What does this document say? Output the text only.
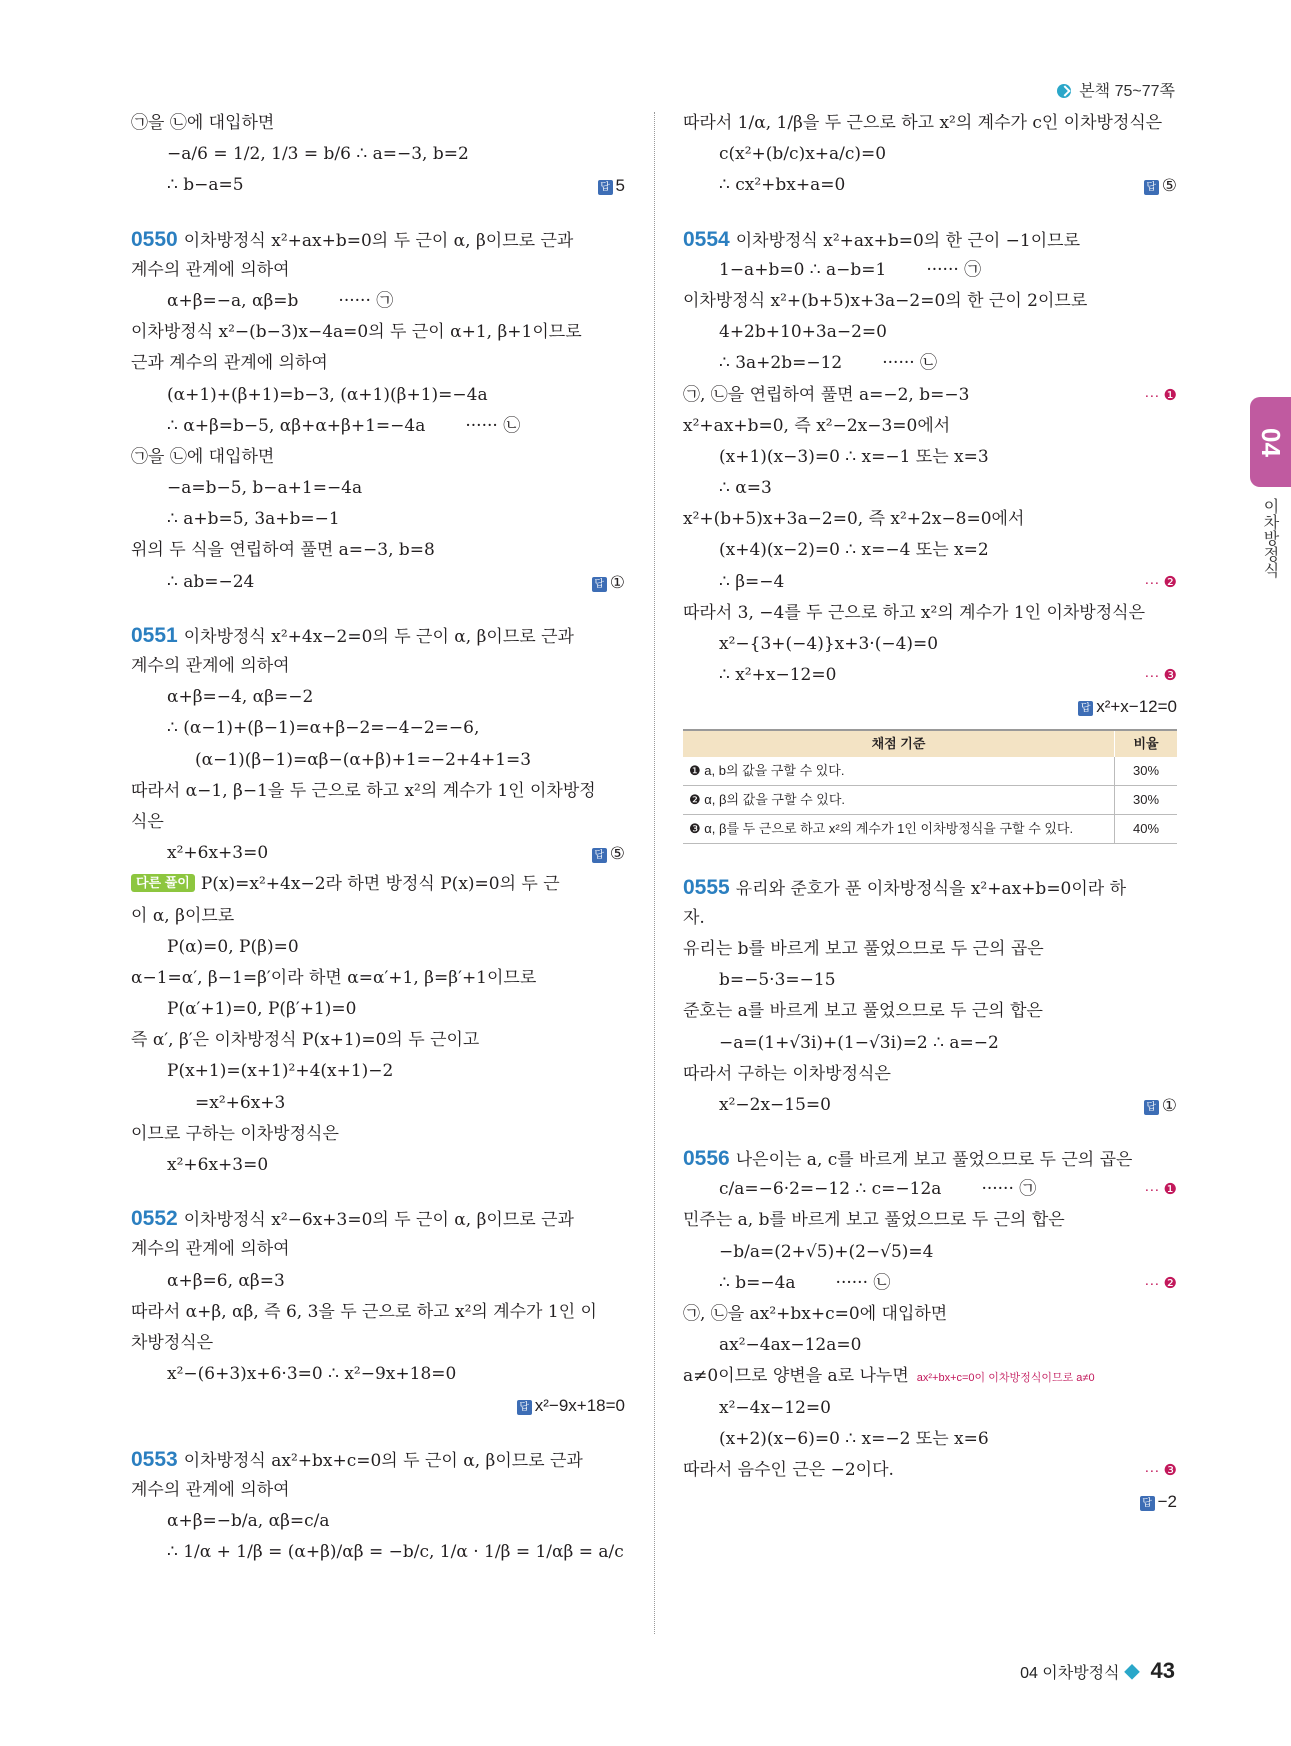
본책 75~77쪽
㉠을 ㉡에 대입하면
−a/6 = 1/2, 1/3 = b/6 ∴ a=−3, b=2
∴ b−a=5	답 5
0550 이차방정식 x²+ax+b=0의 두 근이 α, β이므로 근과
계수의 관계에 의하여
α+β=−a, αβ=b ······ ㉠
이차방정식 x²−(b−3)x−4a=0의 두 근이 α+1, β+1이므로
근과 계수의 관계에 의하여
(α+1)+(β+1)=b−3, (α+1)(β+1)=−4a
∴ α+β=b−5, αβ+α+β+1=−4a ······ ㉡
㉠을 ㉡에 대입하면
−a=b−5, b−a+1=−4a
∴ a+b=5, 3a+b=−1
위의 두 식을 연립하여 풀면 a=−3, b=8
∴ ab=−24	답 ①
0551 이차방정식 x²+4x−2=0의 두 근이 α, β이므로 근과
계수의 관계에 의하여
α+β=−4, αβ=−2
∴ (α−1)+(β−1)=α+β−2=−4−2=−6,
(α−1)(β−1)=αβ−(α+β)+1=−2+4+1=3
따라서 α−1, β−1을 두 근으로 하고 x²의 계수가 1인 이차방정
식은
x²+6x+3=0	답 ⑤
다른 풀이 P(x)=x²+4x−2라 하면 방정식 P(x)=0의 두 근
이 α, β이므로
P(α)=0, P(β)=0
α−1=α′, β−1=β′이라 하면 α=α′+1, β=β′+1이므로
P(α′+1)=0, P(β′+1)=0
즉 α′, β′은 이차방정식 P(x+1)=0의 두 근이고
P(x+1)=(x+1)²+4(x+1)−2
=x²+6x+3
이므로 구하는 이차방정식은
x²+6x+3=0
0552 이차방정식 x²−6x+3=0의 두 근이 α, β이므로 근과
계수의 관계에 의하여
α+β=6, αβ=3
따라서 α+β, αβ, 즉 6, 3을 두 근으로 하고 x²의 계수가 1인 이
차방정식은
x²−(6+3)x+6·3=0 ∴ x²−9x+18=0
답 x²−9x+18=0
0553 이차방정식 ax²+bx+c=0의 두 근이 α, β이므로 근과
계수의 관계에 의하여
α+β=−b/a, αβ=c/a
∴ 1/α + 1/β = (α+β)/αβ = −b/c, 1/α · 1/β = 1/αβ = a/c
따라서 1/α, 1/β을 두 근으로 하고 x²의 계수가 c인 이차방정식은
c(x²+(b/c)x+a/c)=0
∴ cx²+bx+a=0	답 ⑤
0554 이차방정식 x²+ax+b=0의 한 근이 −1이므로
1−a+b=0 ∴ a−b=1 ······ ㉠
이차방정식 x²+(b+5)x+3a−2=0의 한 근이 2이므로
4+2b+10+3a−2=0
∴ 3a+2b=−12 ······ ㉡
㉠, ㉡을 연립하여 풀면 a=−2, b=−3	··· ❶
x²+ax+b=0, 즉 x²−2x−3=0에서
(x+1)(x−3)=0 ∴ x=−1 또는 x=3
∴ α=3
x²+(b+5)x+3a−2=0, 즉 x²+2x−8=0에서
(x+4)(x−2)=0 ∴ x=−4 또는 x=2
∴ β=−4	··· ❷
따라서 3, −4를 두 근으로 하고 x²의 계수가 1인 이차방정식은
x²−{3+(−4)}x+3·(−4)=0
∴ x²+x−12=0	··· ❸
답 x²+x−12=0
채점 기준	비율
❶ a, b의 값을 구할 수 있다.	30%
❷ α, β의 값을 구할 수 있다.	30%
❸ α, β를 두 근으로 하고 x²의 계수가 1인 이차방정식을 구할 수 있다.	40%
0555 유리와 준호가 푼 이차방정식을 x²+ax+b=0이라 하
자.
유리는 b를 바르게 보고 풀었으므로 두 근의 곱은
b=−5·3=−15
준호는 a를 바르게 보고 풀었으므로 두 근의 합은
−a=(1+√3i)+(1−√3i)=2 ∴ a=−2
따라서 구하는 이차방정식은
x²−2x−15=0	답 ①
0556 나은이는 a, c를 바르게 보고 풀었으므로 두 근의 곱은
c/a=−6·2=−12 ∴ c=−12a ······ ㉠	··· ❶
민주는 a, b를 바르게 보고 풀었으므로 두 근의 합은
−b/a=(2+√5)+(2−√5)=4
∴ b=−4a ······ ㉡	··· ❷
㉠, ㉡을 ax²+bx+c=0에 대입하면
ax²−4ax−12a=0
a≠0이므로 양변을 a로 나누면 ax²+bx+c=0이 이차방정식이므로 a≠0
x²−4x−12=0
(x+2)(x−6)=0 ∴ x=−2 또는 x=6
따라서 음수인 근은 −2이다.	··· ❸
답 −2
04
이차방정식
04 이차방정식 ◆ 43
